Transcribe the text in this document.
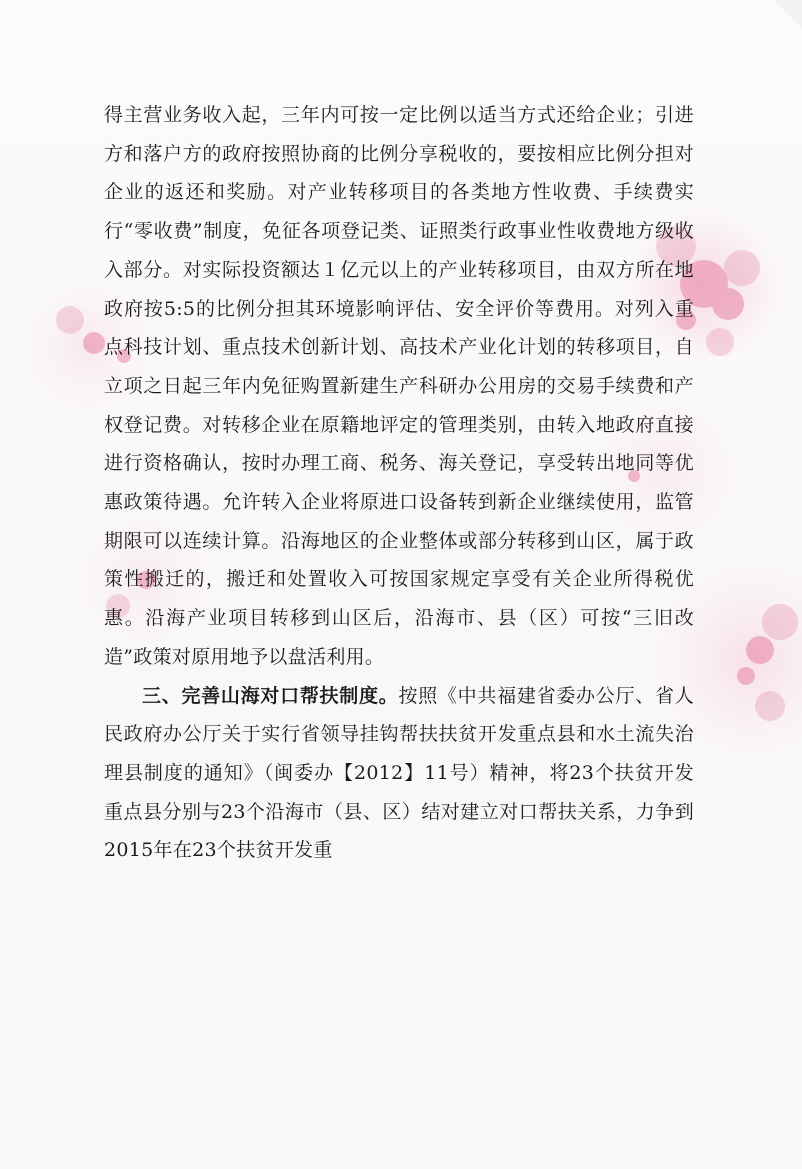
得主营业务收入起，三年内可按一定比例以适当方式还给企业；引进方和落户方的政府按照协商的比例分享税收的，要按相应比例分担对企业的返还和奖励。对产业转移项目的各类地方性收费、手续费实行“零收费”制度，免征各项登记类、证照类行政事业性收费地方级收入部分。对实际投资额达１亿元以上的产业转移项目，由双方所在地政府按5:5的比例分担其环境影响评估、安全评价等费用。对列入重点科技计划、重点技术创新计划、高技术产业化计划的转移项目，自立项之日起三年内免征购置新建生产科研办公用房的交易手续费和产权登记费。对转移企业在原籍地评定的管理类别，由转入地政府直接进行资格确认，按时办理工商、税务、海关登记，享受转出地同等优惠政策待遇。允许转入企业将原进口设备转到新企业继续使用，监管期限可以连续计算。沿海地区的企业整体或部分转移到山区，属于政策性搬迁的，搬迁和处置收入可按国家规定享受有关企业所得税优惠。沿海产业项目转移到山区后，沿海市、县（区）可按“三旧改造”政策对原用地予以盘活利用。

三、完善山海对口帮扶制度。按照《中共福建省委办公厅、省人民政府办公厅关于实行省领导挂钩帮扶扶贫开发重点县和水土流失治理县制度的通知》（闽委办【2012】11号）精神，将23个扶贫开发重点县分别与23个沿海市（县、区）结对建立对口帮扶关系，力争到2015年在23个扶贫开发重
